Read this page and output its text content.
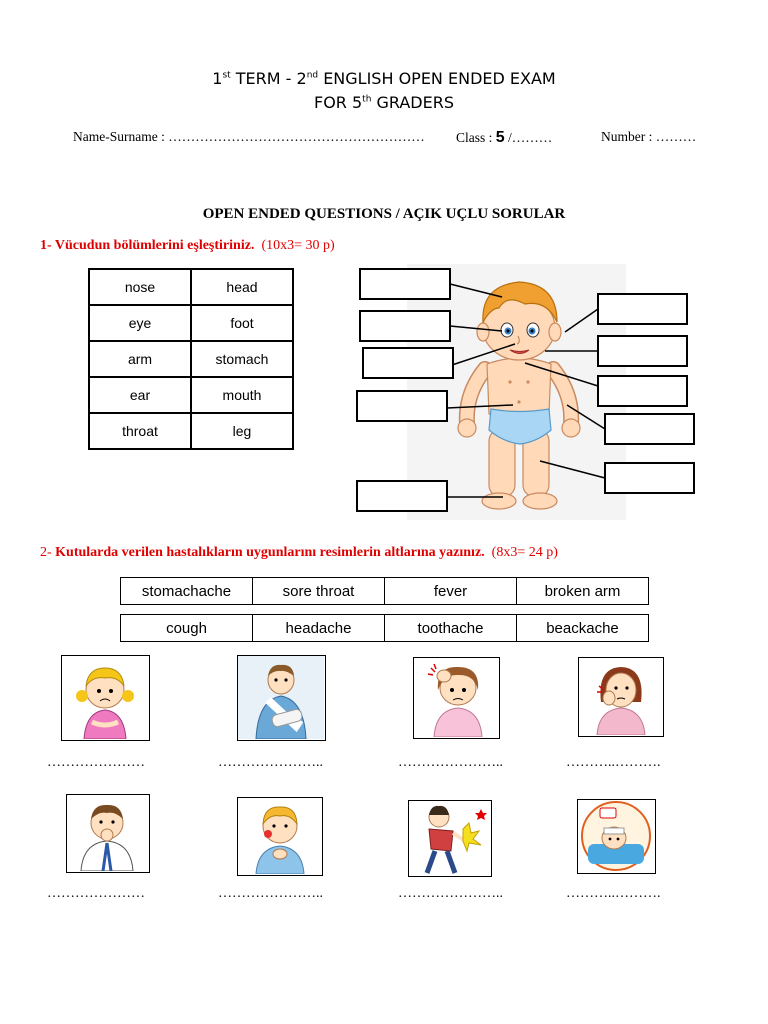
1st TERM - 2nd ENGLISH OPEN ENDED EXAM
FOR 5th GRADERS
Name-Surname : ………………………………………………… Class : 5 /………	Number : ………
OPEN ENDED QUESTIONS / AÇIK UÇLU SORULAR
1- Vücudun bölümlerini eşleştiriniz. (10x3= 30 p)
nose	head
eye	foot
arm	stomach
ear	mouth
throat	leg
2- Kutularda verilen hastalıkların uygunlarını resimlerin altlarına yazınız. (8x3= 24 p)
stomachache	sore throat	fever	broken arm
cough	headache	toothache	beackache
…………………	…………………..	…………………..	………..……….
…………………	…………………..	…………………..	………..……….
